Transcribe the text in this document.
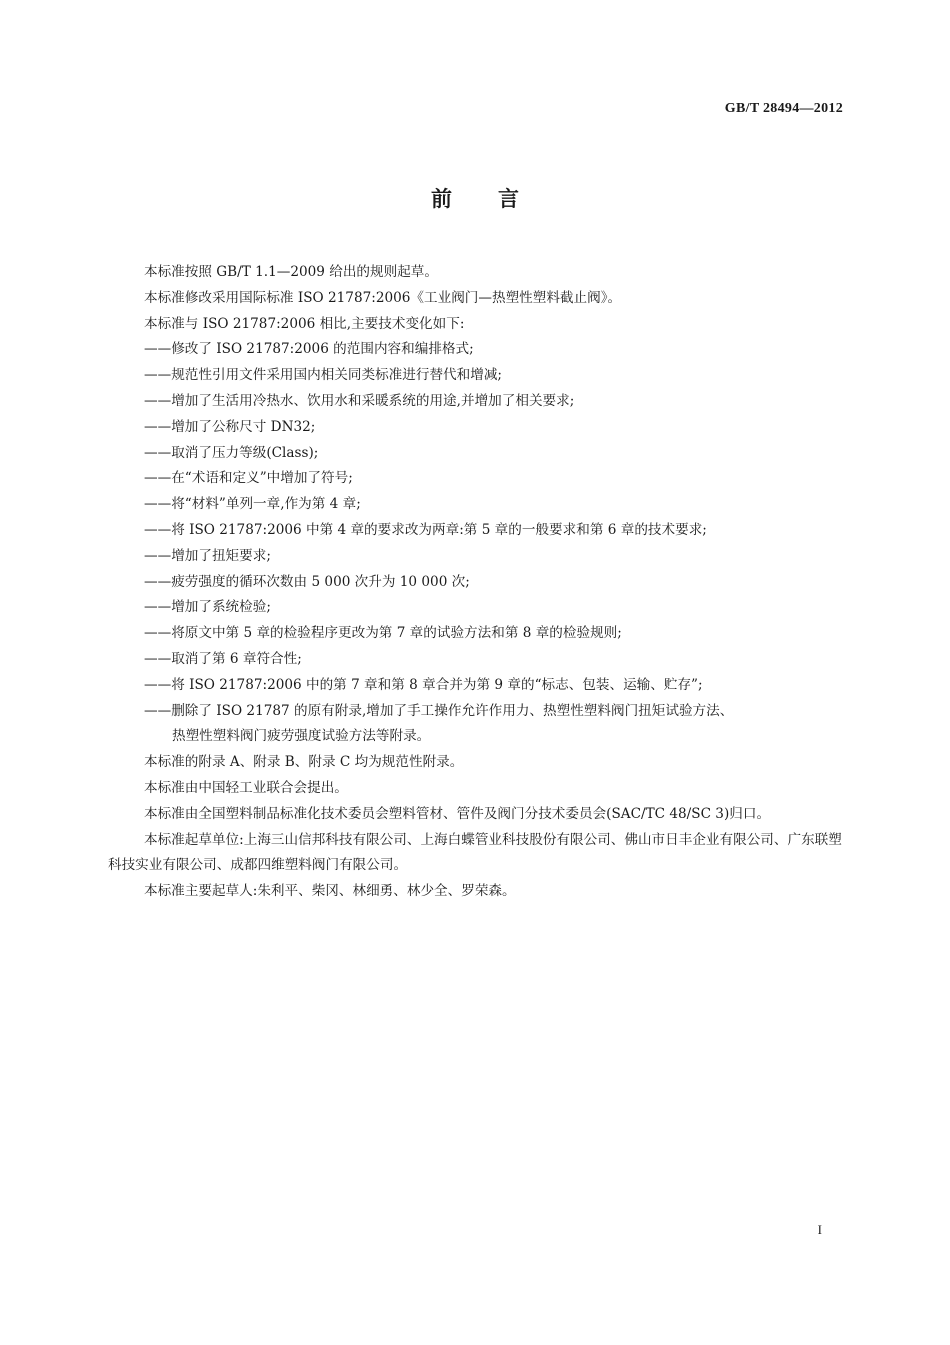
GB/T 28494—2012
前言
本标准按照 GB/T 1.1—2009 给出的规则起草。
本标准修改采用国际标准 ISO 21787:2006《工业阀门—热塑性塑料截止阀》。
本标准与 ISO 21787:2006 相比,主要技术变化如下:
——修改了 ISO 21787:2006 的范围内容和编排格式;
——规范性引用文件采用国内相关同类标准进行替代和增减;
——增加了生活用冷热水、饮用水和采暖系统的用途,并增加了相关要求;
——增加了公称尺寸 DN32;
——取消了压力等级(Class);
——在“术语和定义”中增加了符号;
——将“材料”单列一章,作为第 4 章;
——将 ISO 21787:2006 中第 4 章的要求改为两章:第 5 章的一般要求和第 6 章的技术要求;
——增加了扭矩要求;
——疲劳强度的循环次数由 5 000 次升为 10 000 次;
——增加了系统检验;
——将原文中第 5 章的检验程序更改为第 7 章的试验方法和第 8 章的检验规则;
——取消了第 6 章符合性;
——将 ISO 21787:2006 中的第 7 章和第 8 章合并为第 9 章的“标志、包装、运输、贮存”;
——删除了 ISO 21787 的原有附录,增加了手工操作允许作用力、热塑性塑料阀门扭矩试验方法、
热塑性塑料阀门疲劳强度试验方法等附录。
本标准的附录 A、附录 B、附录 C 均为规范性附录。
本标准由中国轻工业联合会提出。
本标准由全国塑料制品标准化技术委员会塑料管材、管件及阀门分技术委员会(SAC/TC 48/SC 3)归口。
本标准起草单位:上海三山信邦科技有限公司、上海白蝶管业科技股份有限公司、佛山市日丰企业有限公司、广东联塑科技实业有限公司、成都四维塑料阀门有限公司。
本标准主要起草人:朱利平、柴冈、林细勇、林少全、罗荣森。
I
